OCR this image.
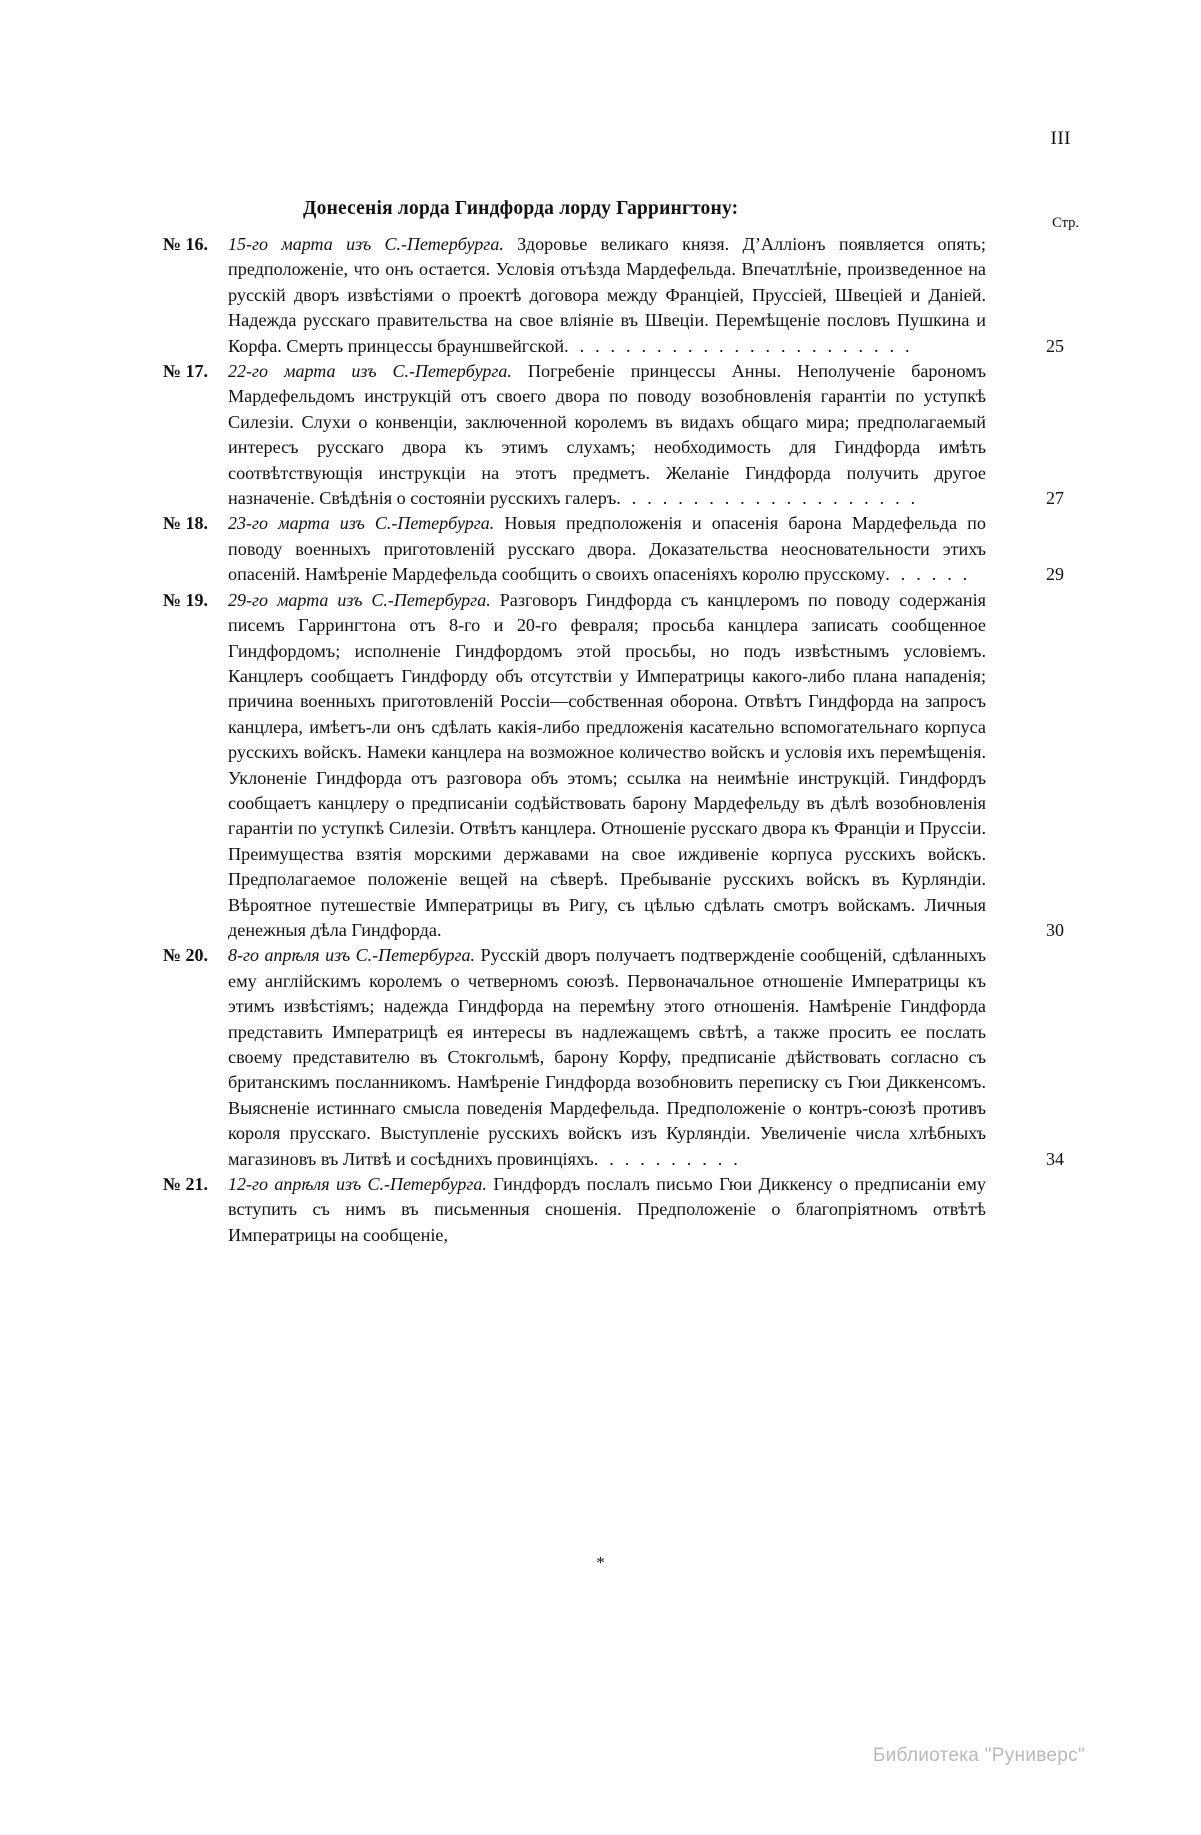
III
Донесенія лорда Гиндфорда лорду Гаррингтону:
Стр.
№ 16.	15-го марта изъ С.-Петербурга. Здоровье великаго князя. Д’Алліонъ появляется опять; предположеніе, что онъ остается. Условія отъѣзда Мардефельда. Впечатлѣніе, произведенное на русскій дворъ извѣстіями о проектѣ договора между Франціей, Пруссіей, Швеціей и Даніей. Надежда русскаго правительства на свое вліяніе въ Швеціи. Перемѣщеніе пословъ Пушкина и Корфа. Смерть принцессы брауншвейгской. . . . . . . . . . . . . . . . . . . . . . .	25
№ 17.	22-го марта изъ С.-Петербурга. Погребеніе принцессы Анны. Неполученіе барономъ Мардефельдомъ инструкцій отъ своего двора по поводу возобновленія гарантіи по уступкѣ Силезіи. Слухи о конвенціи, заключенной королемъ въ видахъ общаго мира; предполагаемый интересъ русскаго двора къ этимъ слухамъ; необходимость для Гиндфорда имѣть соотвѣтствующія инструкціи на этотъ предметъ. Желаніе Гиндфорда получить другое назначеніе. Свѣдѣнія о состояніи русскихъ галеръ. . . . . . . . . . . . . . . . . . . .	27
№ 18.	23-го марта изъ С.-Петербурга. Новыя предположенія и опасенія барона Мардефельда по поводу военныхъ приготовленій русскаго двора. Доказательства неосновательности этихъ опасеній. Намѣреніе Мардефельда сообщить о своихъ опасеніяхъ королю прусскому. . . . . .	29
№ 19.	29-го марта изъ С.-Петербурга. Разговоръ Гиндфорда съ канцлеромъ по поводу содержанія писемъ Гаррингтона отъ 8-го и 20-го февраля; просьба канцлера записать сообщенное Гиндфордомъ; исполненіе Гиндфордомъ этой просьбы, но подъ извѣстнымъ условіемъ. Канцлеръ сообщаетъ Гиндфорду объ отсутствіи у Императрицы какого-либо плана нападенія; причина военныхъ приготовленій Россіи—собственная оборона. Отвѣтъ Гиндфорда на запросъ канцлера, имѣетъ-ли онъ сдѣлать какія-либо предложенія касательно вспомогательнаго корпуса русскихъ войскъ. Намеки канцлера на возможное количество войскъ и условія ихъ перемѣщенія. Уклоненіе Гиндфорда отъ разговора объ этомъ; ссылка на неимѣніе инструкцій. Гиндфордъ сообщаетъ канцлеру о предписаніи содѣйствовать барону Мардефельду въ дѣлѣ возобновленія гарантіи по уступкѣ Силезіи. Отвѣтъ канцлера. Отношеніе русскаго двора къ Франціи и Пруссіи. Преимущества взятія морскими державами на свое иждивеніе корпуса русскихъ войскъ. Предполагаемое положеніе вещей на сѣверѣ. Пребываніе русскихъ войскъ въ Курляндіи. Вѣроятное путешествіе Императрицы въ Ригу, съ цѣлью сдѣлать смотръ войскамъ. Личныя денежныя дѣла Гиндфорда.	30
№ 20.	8-го апрѣля изъ С.-Петербурга. Русскій дворъ получаетъ подтвержденіе сообщеній, сдѣланныхъ ему англійскимъ королемъ о четверномъ союзѣ. Первоначальное отношеніе Императрицы къ этимъ извѣстіямъ; надежда Гиндфорда на перемѣну этого отношенія. Намѣреніе Гиндфорда представить Императрицѣ ея интересы въ надлежащемъ свѣтѣ, а также просить ее послать своему представителю въ Стокгольмѣ, барону Корфу, предписаніе дѣйствовать согласно съ британскимъ посланникомъ. Намѣреніе Гиндфорда возобновить переписку съ Гюи Диккенсомъ. Выясненіе истиннаго смысла поведенія Мардефельда. Предположеніе о контръ-союзѣ противъ короля прусскаго. Выступленіе русскихъ войскъ изъ Курляндіи. Увеличеніе числа хлѣбныхъ магазиновъ въ Литвѣ и сосѣднихъ провинціяхъ. . . . . . . . . .	34
№ 21.	12-го апрѣля изъ С.-Петербурга. Гиндфордъ послалъ письмо Гюи Диккенсу о предписаніи ему вступить съ нимъ въ письменныя сношенія. Предположеніе о благопріятномъ отвѣтѣ Императрицы на сообщеніе,
*
Библиотека "Руниверс"
